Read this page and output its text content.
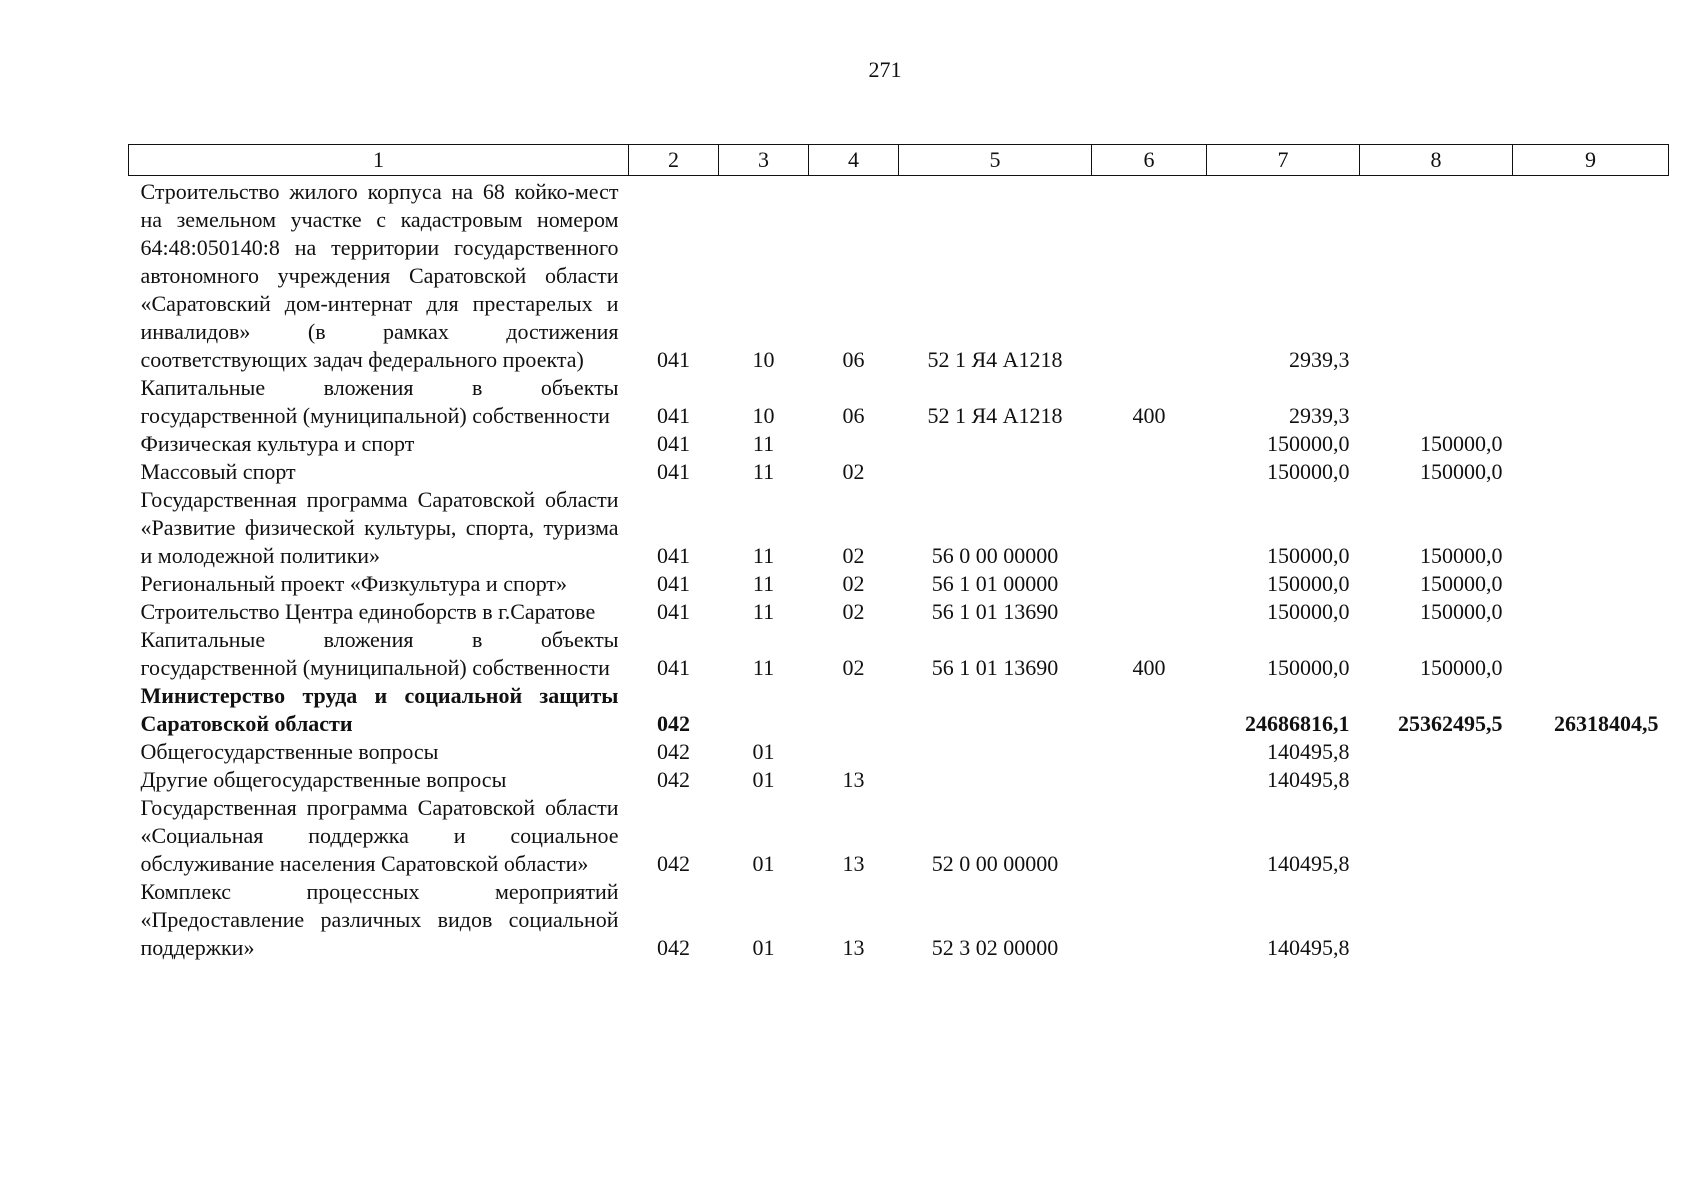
271
1	2	3	4	5	6	7	8	9
Строительство жилого корпуса на 68 койко-мест на земельном участке с кадастровым номером 64:48:050140:8 на территории государственного автономного учреждения Саратовской области «Саратовский дом-интернат для престарелых и инвалидов» (в рамках достижения соответствующих задач федерального проекта)	041	10	06	52 1 Я4 А1218		2939,3		
Капитальные вложения в объекты государственной (муниципальной) собственности	041	10	06	52 1 Я4 А1218	400	2939,3		
Физическая культура и спорт	041	11				150000,0	150000,0	
Массовый спорт	041	11	02			150000,0	150000,0	
Государственная программа Саратовской области «Развитие физической культуры, спорта, туризма и молодежной политики»	041	11	02	56 0 00 00000		150000,0	150000,0	
Региональный проект «Физкультура и спорт»	041	11	02	56 1 01 00000		150000,0	150000,0	
Строительство Центра единоборств в г.Саратове	041	11	02	56 1 01 13690		150000,0	150000,0	
Капитальные вложения в объекты государственной (муниципальной) собственности	041	11	02	56 1 01 13690	400	150000,0	150000,0	
Министерство труда и социальной защиты Саратовской области	042					24686816,1	25362495,5	26318404,5
Общегосударственные вопросы	042	01				140495,8		
Другие общегосударственные вопросы	042	01	13			140495,8		
Государственная программа Саратовской области «Социальная поддержка и социальное обслуживание населения Саратовской области»	042	01	13	52 0 00 00000		140495,8		
Комплекс процессных мероприятий «Предоставление различных видов социальной поддержки»	042	01	13	52 3 02 00000		140495,8		
